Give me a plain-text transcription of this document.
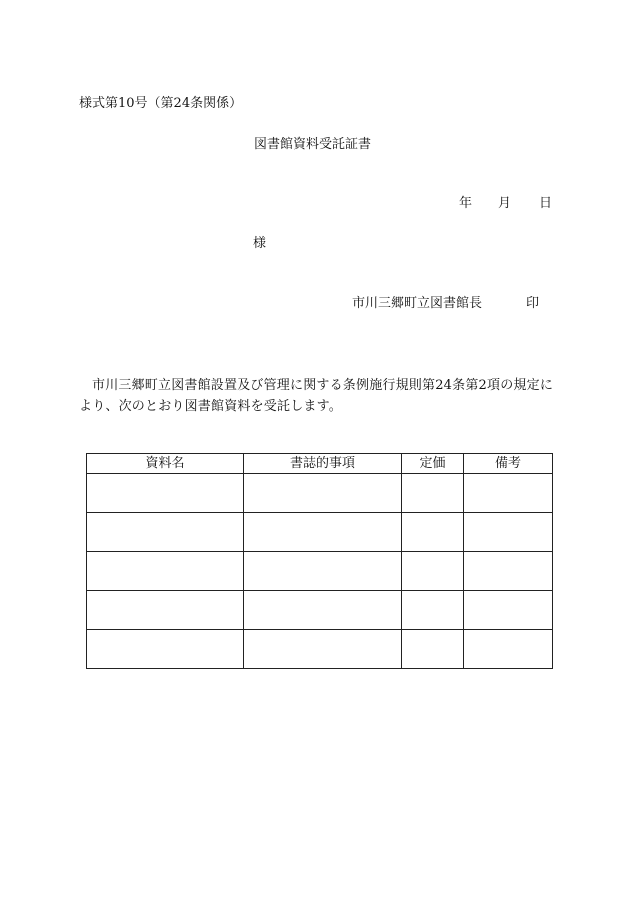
様式第10号（第24条関係）
図書館資料受託証書
年 月 日
様
市川三郷町立図書館長	印
市川三郷町立図書館設置及び管理に関する条例施行規則第24条第2項の規定により、次のとおり図書館資料を受託します。
資料名	書誌的事項	定価	備考
